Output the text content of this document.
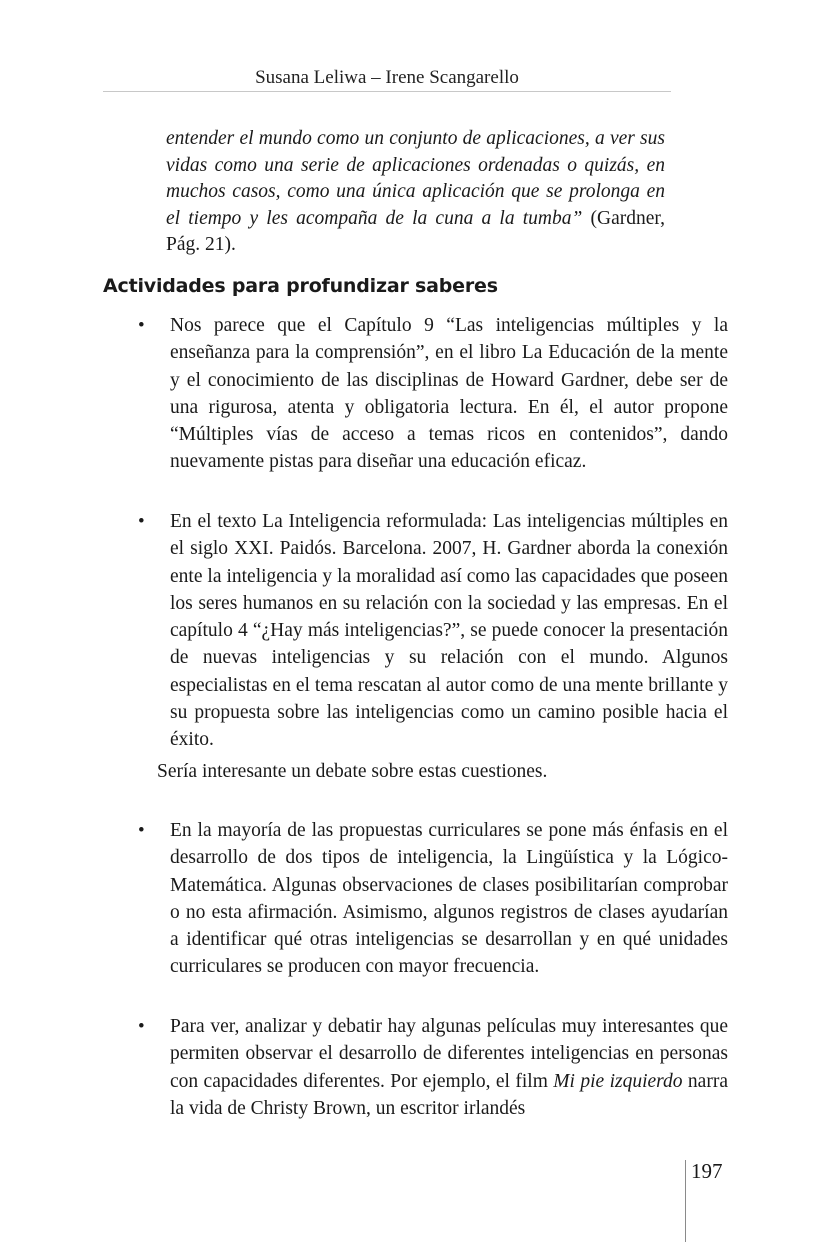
Susana Leliwa – Irene Scangarello
entender el mundo como un conjunto de aplicaciones, a ver sus vidas como una serie de aplicaciones ordenadas o quizás, en muchos casos, como una única aplicación que se prolonga en el tiempo y les acompaña de la cuna a la tumba” (Gardner, Pág. 21).
Actividades para profundizar saberes
•	Nos parece que el Capítulo 9 “Las inteligencias múltiples y la enseñanza para la comprensión”, en el libro La Educación de la mente y el conocimiento de las disciplinas de Howard Gardner, debe ser de una rigurosa, atenta y obligatoria lectura. En él, el autor propone “Múltiples vías de acceso a temas ricos en contenidos”, dando nuevamente pistas para diseñar una educación eficaz.
•	En el texto La Inteligencia reformulada: Las inteligencias múltiples en el siglo XXI. Paidós. Barcelona. 2007, H. Gardner aborda la conexión ente la inteligencia y la moralidad así como las capacidades que poseen los seres humanos en su relación con la sociedad y las empresas. En el capítulo 4 “¿Hay más inteligencias?”, se puede conocer la presentación de nuevas inteligencias y su relación con el mundo. Algunos especialistas en el tema rescatan al autor como de una mente brillante y su propuesta sobre las inteligencias como un camino posible hacia el éxito.
Sería interesante un debate sobre estas cuestiones.
•	En la mayoría de las propuestas curriculares se pone más énfasis en el desarrollo de dos tipos de inteligencia, la Lingüística y la Lógico-Matemática. Algunas observaciones de clases posibilitarían comprobar o no esta afirmación. Asimismo, algunos registros de clases ayudarían a identificar qué otras inteligencias se desarrollan y en qué unidades curriculares se producen con mayor frecuencia.
•	Para ver, analizar y debatir hay algunas películas muy interesantes que permiten observar el desarrollo de diferentes inteligencias en personas con capacidades diferentes. Por ejemplo, el film Mi pie izquierdo narra la vida de Christy Brown, un escritor irlandés
197
